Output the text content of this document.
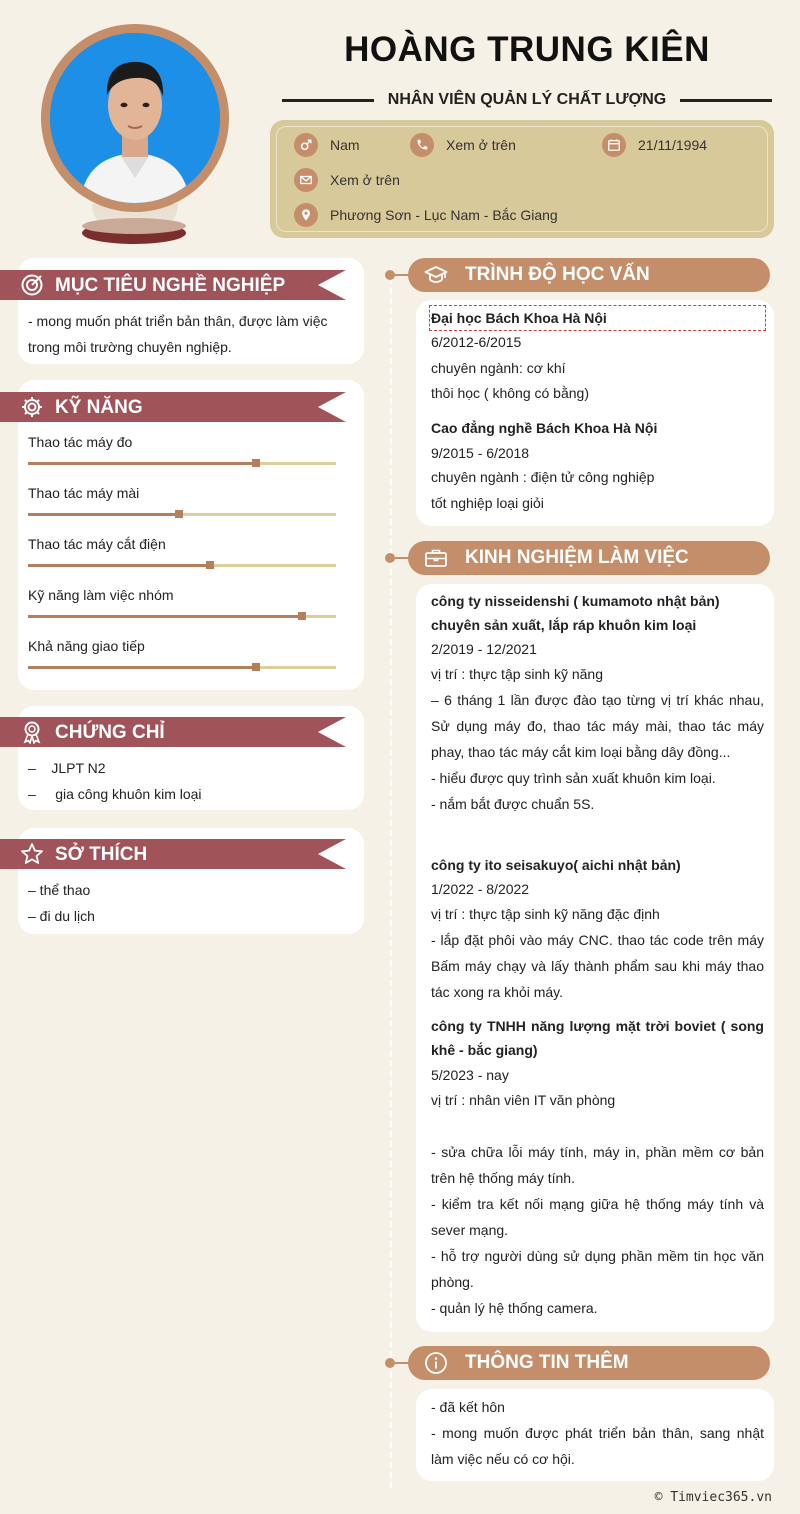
HOÀNG TRUNG KIÊN
NHÂN VIÊN QUẢN LÝ CHẤT LƯỢNG
Nam	Xem ở trên	21/11/1994
Xem ở trên
Phương Sơn - Lục Nam - Bắc Giang
MỤC TIÊU NGHỀ NGHIỆP
- mong muốn phát triển bản thân, được làm việc
trong môi trường chuyên nghiệp.
KỸ NĂNG
Thao tác máy đo
Thao tác máy mài
Thao tác máy cắt điện
Kỹ năng làm việc nhóm
Khả năng giao tiếp
CHỨNG CHỈ
–    JLPT N2
–     gia công khuôn kim loại
SỞ THÍCH
– thể thao
– đi du lịch
TRÌNH ĐỘ HỌC VẤN
Đại học Bách Khoa Hà Nội
6/2012-6/2015
chuyên ngành: cơ khí
thôi học ( không có bằng)
Cao đẳng nghề Bách Khoa Hà Nội
9/2015 - 6/2018
chuyên ngành : điện tử công nghiệp
tốt nghiệp loại giỏi
KINH NGHIỆM LÀM VIỆC
công ty nisseidenshi ( kumamoto nhật bản)
chuyên sản xuất, lắp ráp khuôn kim loại
2/2019 - 12/2021
vị trí : thực tập sinh kỹ năng
– 6 tháng 1 lần được đào tạo từng vị trí khác nhau, Sử dụng máy đo, thao tác máy mài, thao tác máy phay, thao tác máy cắt kim loại bằng dây đồng...
- hiểu được quy trình sản xuất khuôn kim loại.
- nắm bắt được chuẩn 5S.
công ty ito seisakuyo( aichi nhật bản)
1/2022 - 8/2022
vị trí : thực tập sinh kỹ năng đặc định
- lắp đặt phôi vào máy CNC. thao tác code trên máy Bấm máy chạy và lấy thành phẩm sau khi máy thao tác xong ra khỏi máy.
công ty TNHH năng lượng mặt trời boviet ( song khê - bắc giang)
5/2023 - nay
vị trí : nhân viên IT văn phòng
- sửa chữa lỗi máy tính, máy in, phần mềm cơ bản trên hệ thống máy tính.
- kiểm tra kết nối mạng giữa hệ thống máy tính và sever mạng.
- hỗ trợ người dùng sử dụng phần mềm tin học văn phòng.
- quản lý hệ thống camera.
THÔNG TIN THÊM
- đã kết hôn
- mong muốn được phát triển bản thân, sang nhật làm việc nếu có cơ hội.
© Timviec365.vn
